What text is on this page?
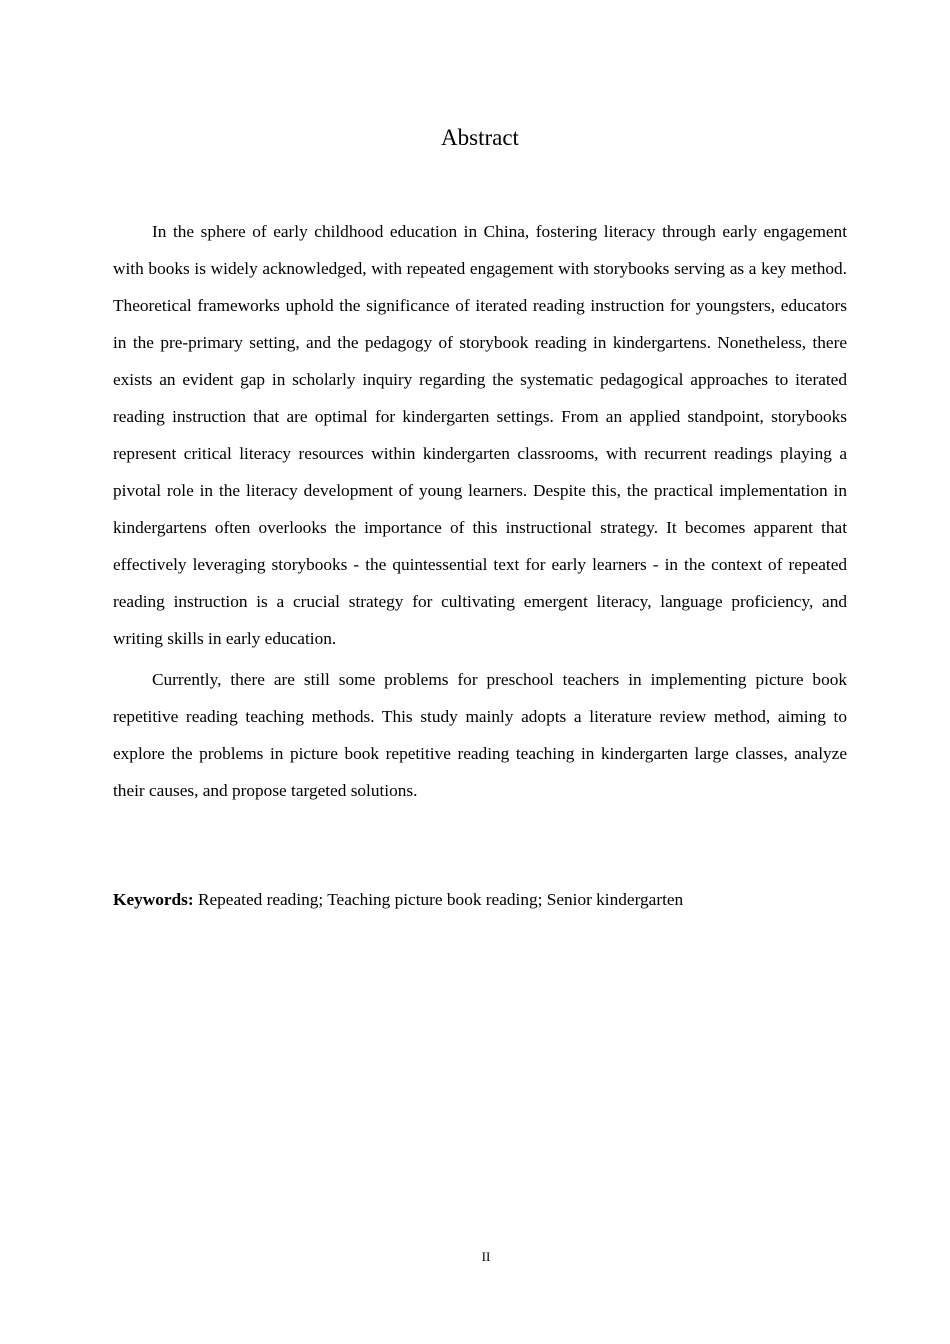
Abstract

In the sphere of early childhood education in China, fostering literacy through early engagement with books is widely acknowledged, with repeated engagement with storybooks serving as a key method. Theoretical frameworks uphold the significance of iterated reading instruction for youngsters, educators in the pre-primary setting, and the pedagogy of storybook reading in kindergartens. Nonetheless, there exists an evident gap in scholarly inquiry regarding the systematic pedagogical approaches to iterated reading instruction that are optimal for kindergarten settings. From an applied standpoint, storybooks represent critical literacy resources within kindergarten classrooms, with recurrent readings playing a pivotal role in the literacy development of young learners. Despite this, the practical implementation in kindergartens often overlooks the importance of this instructional strategy. It becomes apparent that effectively leveraging storybooks - the quintessential text for early learners - in the context of repeated reading instruction is a crucial strategy for cultivating emergent literacy, language proficiency, and writing skills in early education.

Currently, there are still some problems for preschool teachers in implementing picture book repetitive reading teaching methods. This study mainly adopts a literature review method, aiming to explore the problems in picture book repetitive reading teaching in kindergarten large classes, analyze their causes, and propose targeted solutions.

Keywords: Repeated reading; Teaching picture book reading; Senior kindergarten

II
